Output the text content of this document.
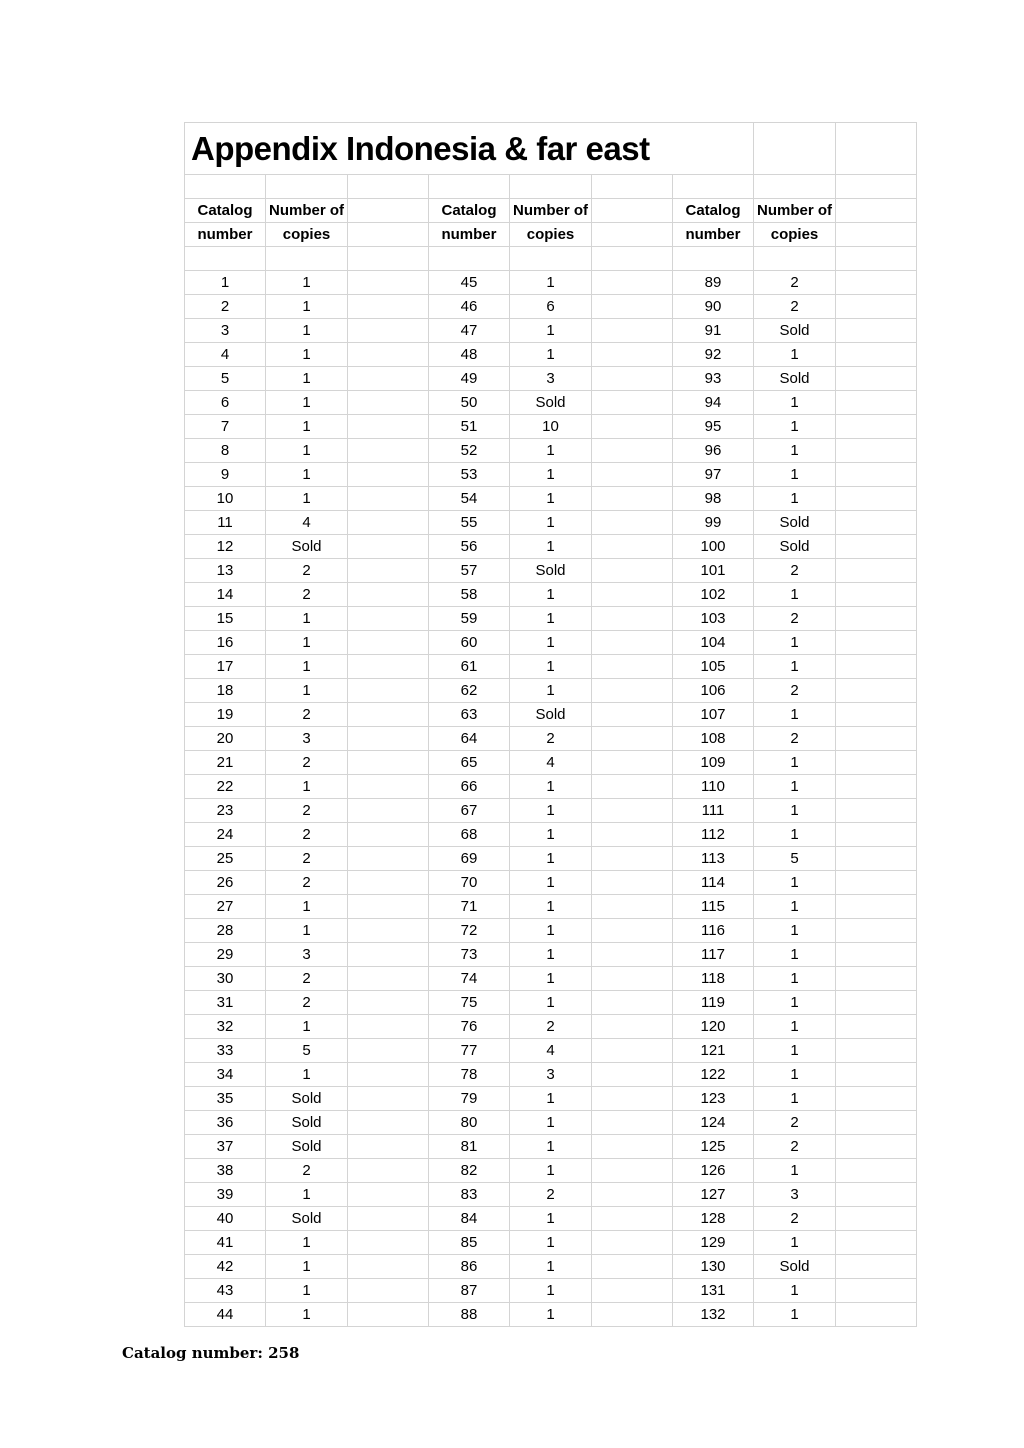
Appendix Indonesia & far east								

Catalog	Number of		Catalog	Number of		Catalog	Number of	
number	copies		number	copies		number	copies	

1	1		45	1		89	2	
2	1		46	6		90	2	
3	1		47	1		91	Sold	
4	1		48	1		92	1	
5	1		49	3		93	Sold	
6	1		50	Sold		94	1	
7	1		51	10		95	1	
8	1		52	1		96	1	
9	1		53	1		97	1	
10	1		54	1		98	1	
11	4		55	1		99	Sold	
12	Sold		56	1		100	Sold	
13	2		57	Sold		101	2	
14	2		58	1		102	1	
15	1		59	1		103	2	
16	1		60	1		104	1	
17	1		61	1		105	1	
18	1		62	1		106	2	
19	2		63	Sold		107	1	
20	3		64	2		108	2	
21	2		65	4		109	1	
22	1		66	1		110	1	
23	2		67	1		111	1	
24	2		68	1		112	1	
25	2		69	1		113	5	
26	2		70	1		114	1	
27	1		71	1		115	1	
28	1		72	1		116	1	
29	3		73	1		117	1	
30	2		74	1		118	1	
31	2		75	1		119	1	
32	1		76	2		120	1	
33	5		77	4		121	1	
34	1		78	3		122	1	
35	Sold		79	1		123	1	
36	Sold		80	1		124	2	
37	Sold		81	1		125	2	
38	2		82	1		126	1	
39	1		83	2		127	3	
40	Sold		84	1		128	2	
41	1		85	1		129	1	
42	1		86	1		130	Sold	
43	1		87	1		131	1	
44	1		88	1		132	1	
Catalog number: 258
